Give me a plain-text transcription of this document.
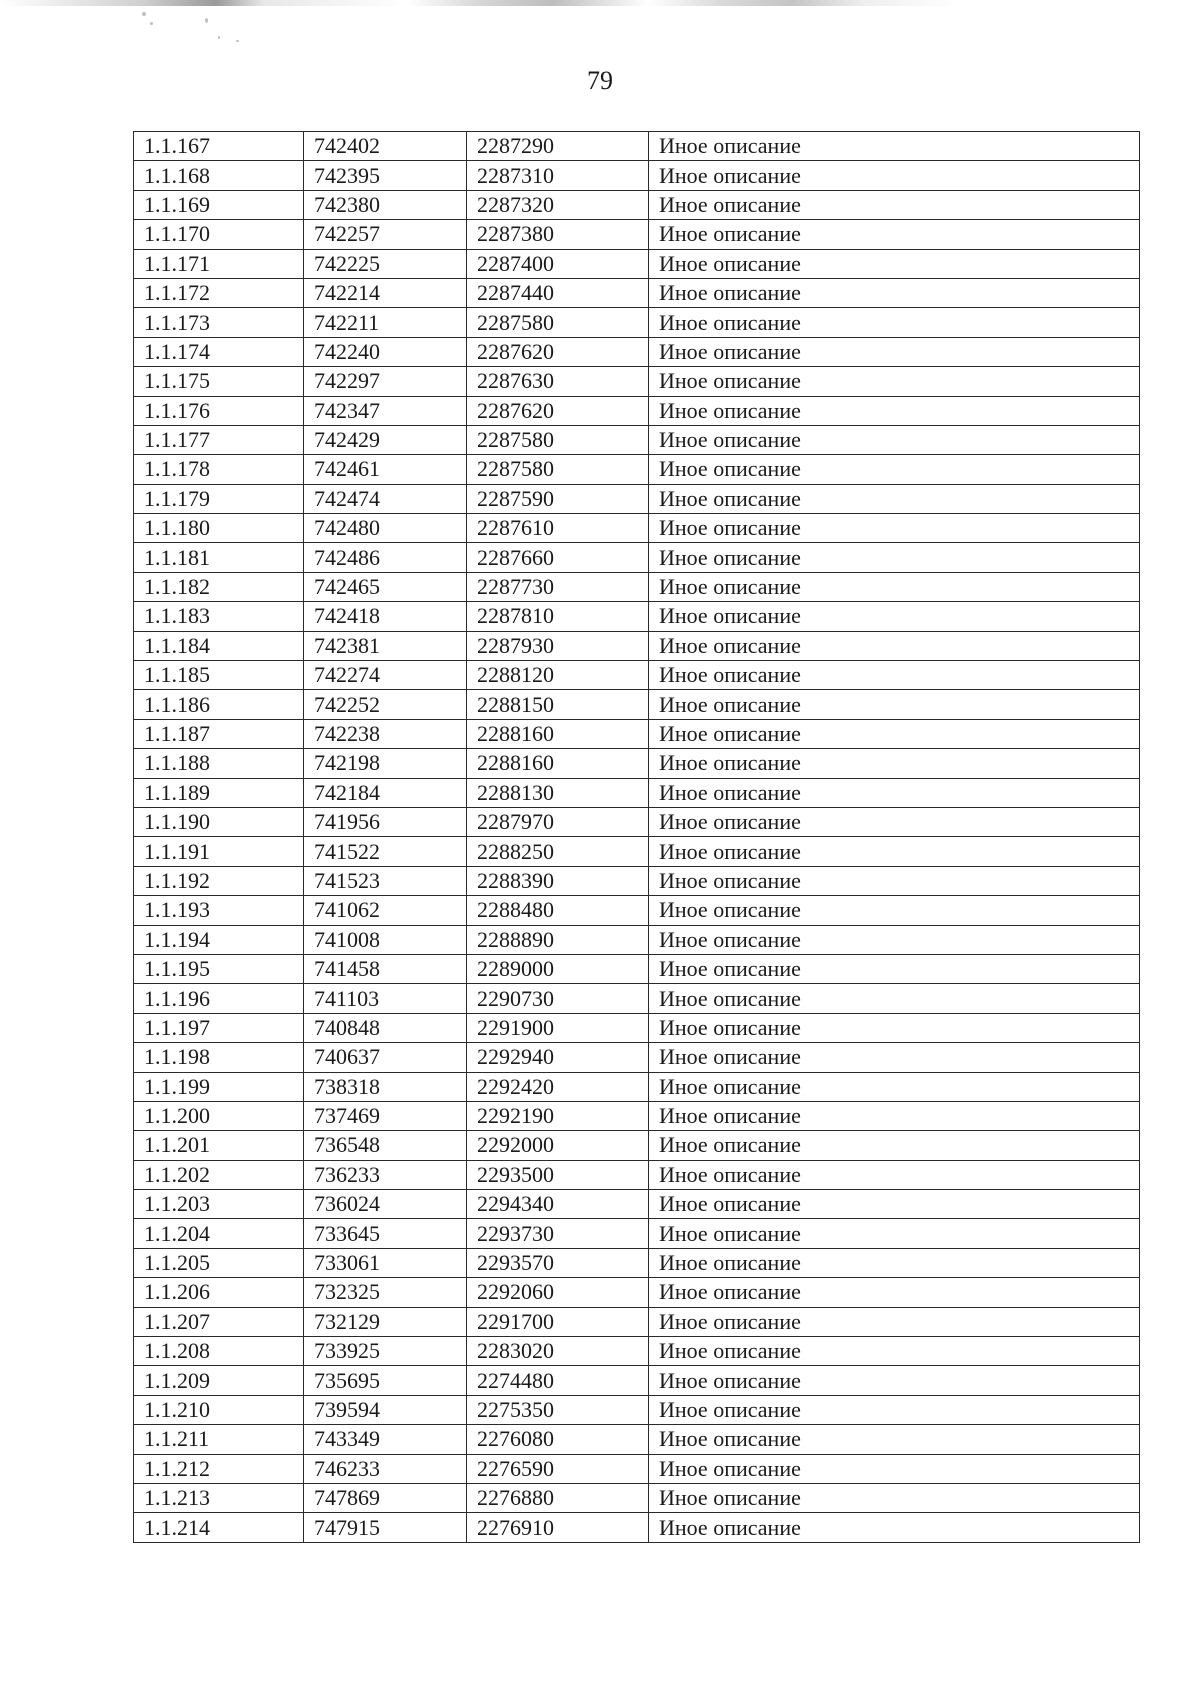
79
1.1.167	742402	2287290	Иное описание
1.1.168	742395	2287310	Иное описание
1.1.169	742380	2287320	Иное описание
1.1.170	742257	2287380	Иное описание
1.1.171	742225	2287400	Иное описание
1.1.172	742214	2287440	Иное описание
1.1.173	742211	2287580	Иное описание
1.1.174	742240	2287620	Иное описание
1.1.175	742297	2287630	Иное описание
1.1.176	742347	2287620	Иное описание
1.1.177	742429	2287580	Иное описание
1.1.178	742461	2287580	Иное описание
1.1.179	742474	2287590	Иное описание
1.1.180	742480	2287610	Иное описание
1.1.181	742486	2287660	Иное описание
1.1.182	742465	2287730	Иное описание
1.1.183	742418	2287810	Иное описание
1.1.184	742381	2287930	Иное описание
1.1.185	742274	2288120	Иное описание
1.1.186	742252	2288150	Иное описание
1.1.187	742238	2288160	Иное описание
1.1.188	742198	2288160	Иное описание
1.1.189	742184	2288130	Иное описание
1.1.190	741956	2287970	Иное описание
1.1.191	741522	2288250	Иное описание
1.1.192	741523	2288390	Иное описание
1.1.193	741062	2288480	Иное описание
1.1.194	741008	2288890	Иное описание
1.1.195	741458	2289000	Иное описание
1.1.196	741103	2290730	Иное описание
1.1.197	740848	2291900	Иное описание
1.1.198	740637	2292940	Иное описание
1.1.199	738318	2292420	Иное описание
1.1.200	737469	2292190	Иное описание
1.1.201	736548	2292000	Иное описание
1.1.202	736233	2293500	Иное описание
1.1.203	736024	2294340	Иное описание
1.1.204	733645	2293730	Иное описание
1.1.205	733061	2293570	Иное описание
1.1.206	732325	2292060	Иное описание
1.1.207	732129	2291700	Иное описание
1.1.208	733925	2283020	Иное описание
1.1.209	735695	2274480	Иное описание
1.1.210	739594	2275350	Иное описание
1.1.211	743349	2276080	Иное описание
1.1.212	746233	2276590	Иное описание
1.1.213	747869	2276880	Иное описание
1.1.214	747915	2276910	Иное описание
